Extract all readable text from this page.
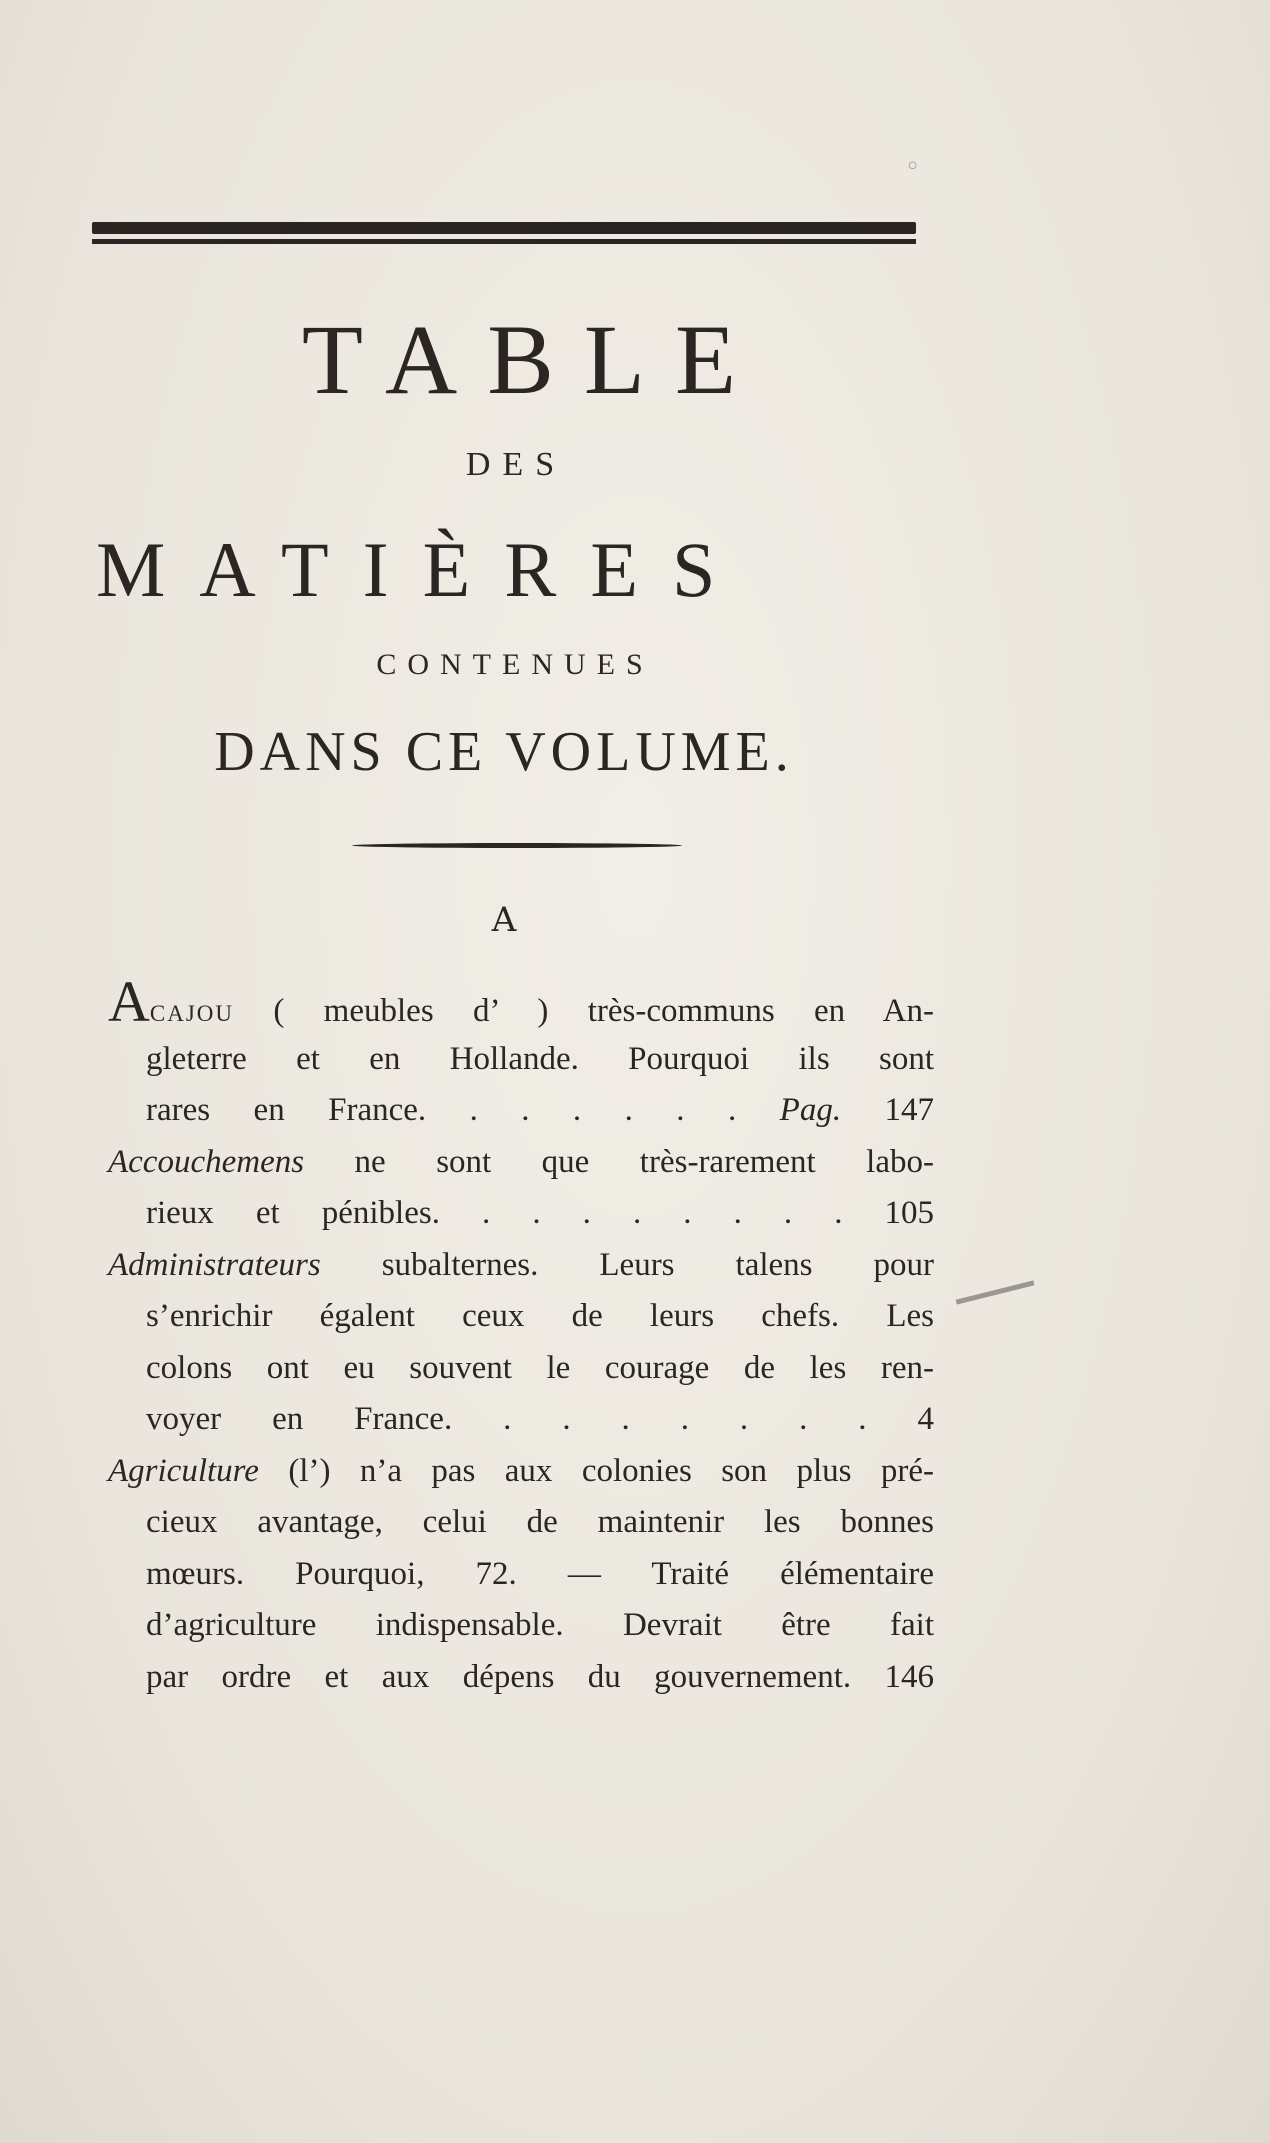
◦
TABLE
DES
MATIÈRES
CONTENUES
DANS CE VOLUME.
A
Acajou ( meubles d’ ) très-communs en An-
gleterre et en Hollande. Pourquoi ils sont
rares en France. . . . . . . Pag. 147
Accouchemens ne sont que très-rarement labo-
rieux et pénibles. . . . . . . . . 105
Administrateurs subalternes. Leurs talens pour
s’enrichir égalent ceux de leurs chefs. Les
colons ont eu souvent le courage de les ren-
voyer en France. . . . . . . . 4
Agriculture (l’) n’a pas aux colonies son plus pré-
cieux avantage, celui de maintenir les bonnes
mœurs. Pourquoi, 72. — Traité élémentaire
d’agriculture indispensable. Devrait être fait
par ordre et aux dépens du gouvernement. 146
